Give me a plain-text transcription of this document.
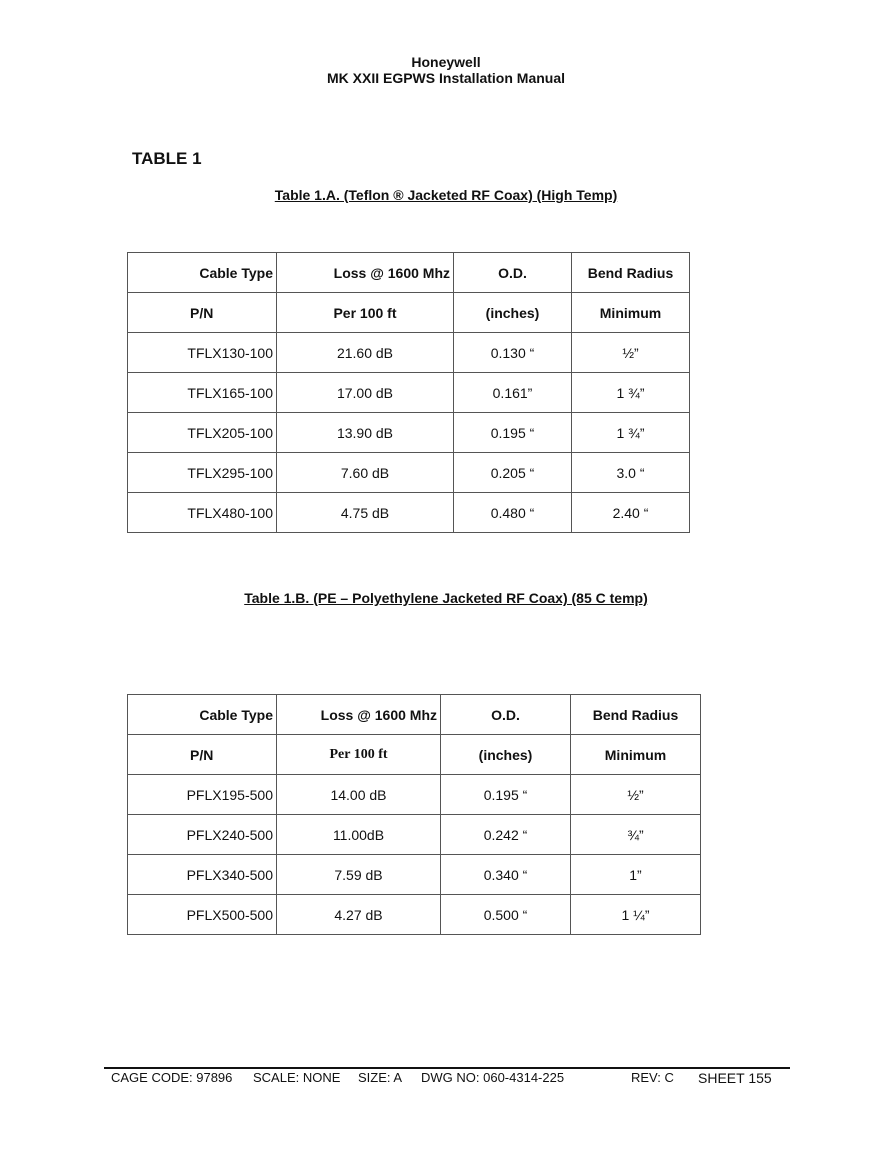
Honeywell
MK XXII EGPWS Installation Manual
TABLE 1
Table 1.A. (Teflon ® Jacketed RF Coax) (High Temp)
Cable Type	Loss @ 1600 Mhz	O.D.	Bend Radius
P/N	Per 100 ft	(inches)	Minimum
TFLX130-100	21.60 dB	0.130 “	½”
TFLX165-100	17.00 dB	0.161”	1 ¾”
TFLX205-100	13.90 dB	0.195 “	1 ¾”
TFLX295-100	7.60 dB	0.205 “	3.0 “
TFLX480-100	4.75 dB	0.480 “	2.40 “
Table 1.B. (PE – Polyethylene Jacketed RF Coax) (85 C temp)
Cable Type	Loss @ 1600 Mhz	O.D.	Bend Radius
P/N	Per 100 ft	(inches)	Minimum
PFLX195-500	14.00 dB	0.195 “	½”
PFLX240-500	11.00dB	0.242 “	¾”
PFLX340-500	7.59 dB	0.340 “	1”
PFLX500-500	4.27 dB	0.500 “	1 ¼”
CAGE CODE: 97896 SCALE: NONE SIZE: A DWG NO: 060-4314-225	REV: C SHEET 155
